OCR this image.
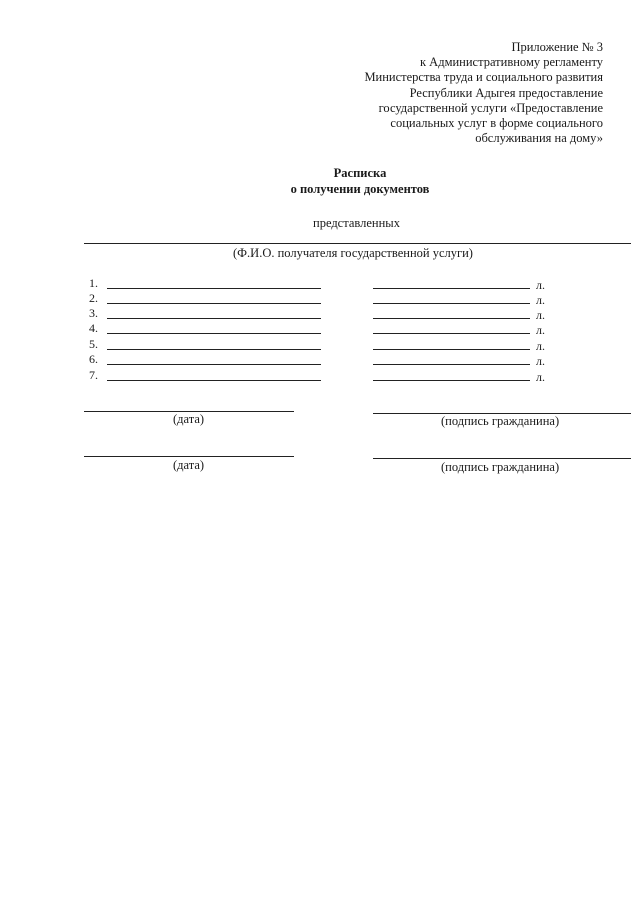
Приложение № 3
к Административному регламенту
Министерства труда и социального развития
Республики Адыгея предоставление
государственной услуги «Предоставление
социальных услуг в форме социального
обслуживания на дому»
Расписка
о получении документов
представленных
(Ф.И.О. получателя государственной услуги)
1.	л.
2.	л.
3.	л.
4.	л.
5.	л.
6.	л.
7.	л.
(дата)	(подпись гражданина)
(дата)	(подпись гражданина)
